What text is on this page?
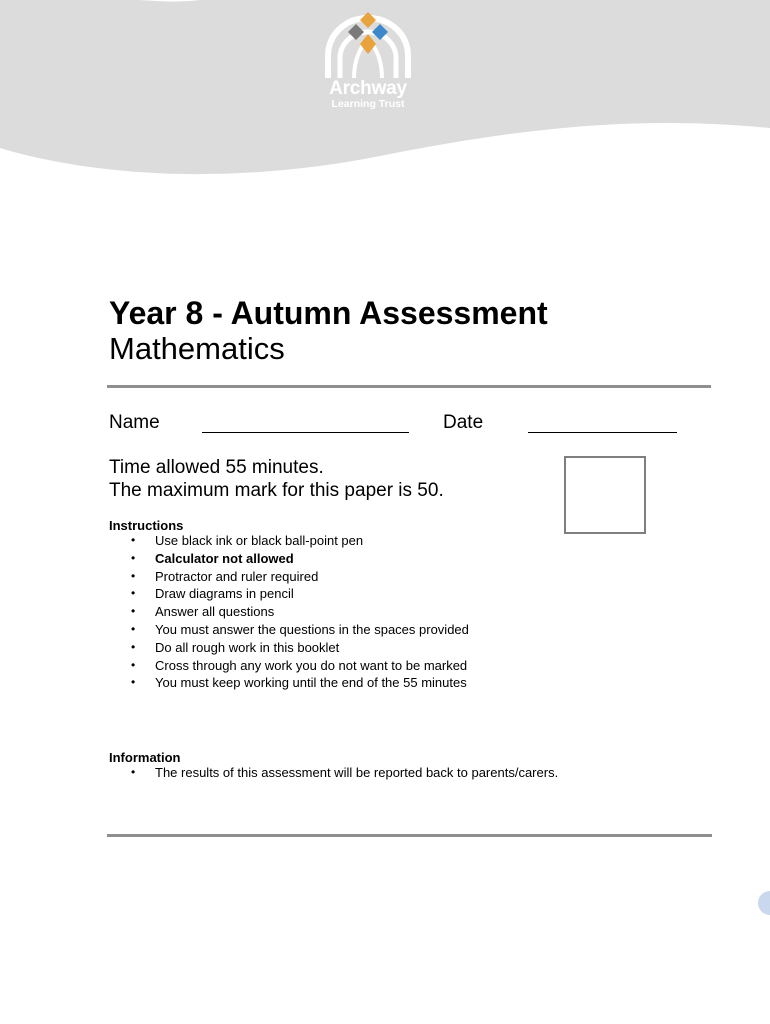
Archway
Learning Trust
Year 8 - Autumn Assessment
Mathematics
Name	Date
Time allowed 55 minutes.
The maximum mark for this paper is 50.
Instructions
• Use black ink or black ball-point pen
• Calculator not allowed
• Protractor and ruler required
• Draw diagrams in pencil
• Answer all questions
• You must answer the questions in the spaces provided
• Do all rough work in this booklet
• Cross through any work you do not want to be marked
• You must keep working until the end of the 55 minutes
Information
• The results of this assessment will be reported back to parents/carers.
